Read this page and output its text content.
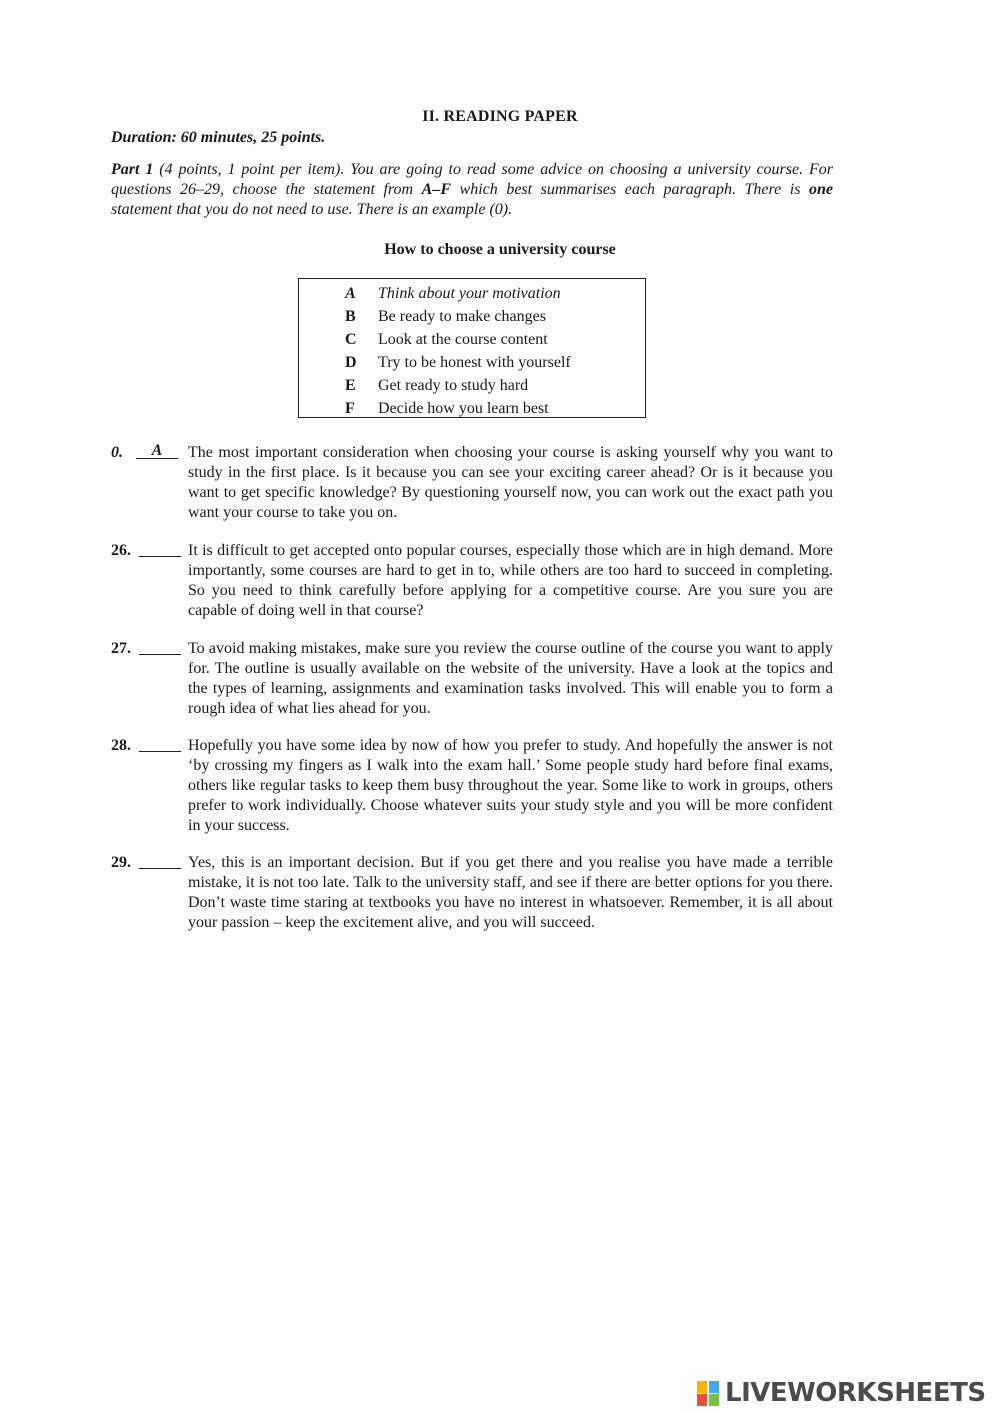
II. READING PAPER
Duration: 60 minutes, 25 points.
Part 1 (4 points, 1 point per item). You are going to read some advice on choosing a university course. For questions 26–29, choose the statement from A–F which best summarises each paragraph. There is one statement that you do not need to use. There is an example (0).
How to choose a university course
A Think about your motivation
B Be ready to make changes
C Look at the course content
D Try to be honest with yourself
E Get ready to study hard
F Decide how you learn best
0.	A	The most important consideration when choosing your course is asking yourself why you want to study in the first place. Is it because you can see your exciting career ahead? Or is it because you want to get specific knowledge? By questioning yourself now, you can work out the exact path you want your course to take you on.
26.	It is difficult to get accepted onto popular courses, especially those which are in high demand. More importantly, some courses are hard to get in to, while others are too hard to succeed in completing. So you need to think carefully before applying for a competitive course. Are you sure you are capable of doing well in that course?
27.	To avoid making mistakes, make sure you review the course outline of the course you want to apply for. The outline is usually available on the website of the university. Have a look at the topics and the types of learning, assignments and examination tasks involved. This will enable you to form a rough idea of what lies ahead for you.
28.	Hopefully you have some idea by now of how you prefer to study. And hopefully the answer is not ‘by crossing my fingers as I walk into the exam hall.’ Some people study hard before final exams, others like regular tasks to keep them busy throughout the year. Some like to work in groups, others prefer to work individually. Choose whatever suits your study style and you will be more confident in your success.
29.	Yes, this is an important decision. But if you get there and you realise you have made a terrible mistake, it is not too late. Talk to the university staff, and see if there are better options for you there. Don’t waste time staring at textbooks you have no interest in whatsoever. Remember, it is all about your passion – keep the excitement alive, and you will succeed.
LIVEWORKSHEETS
